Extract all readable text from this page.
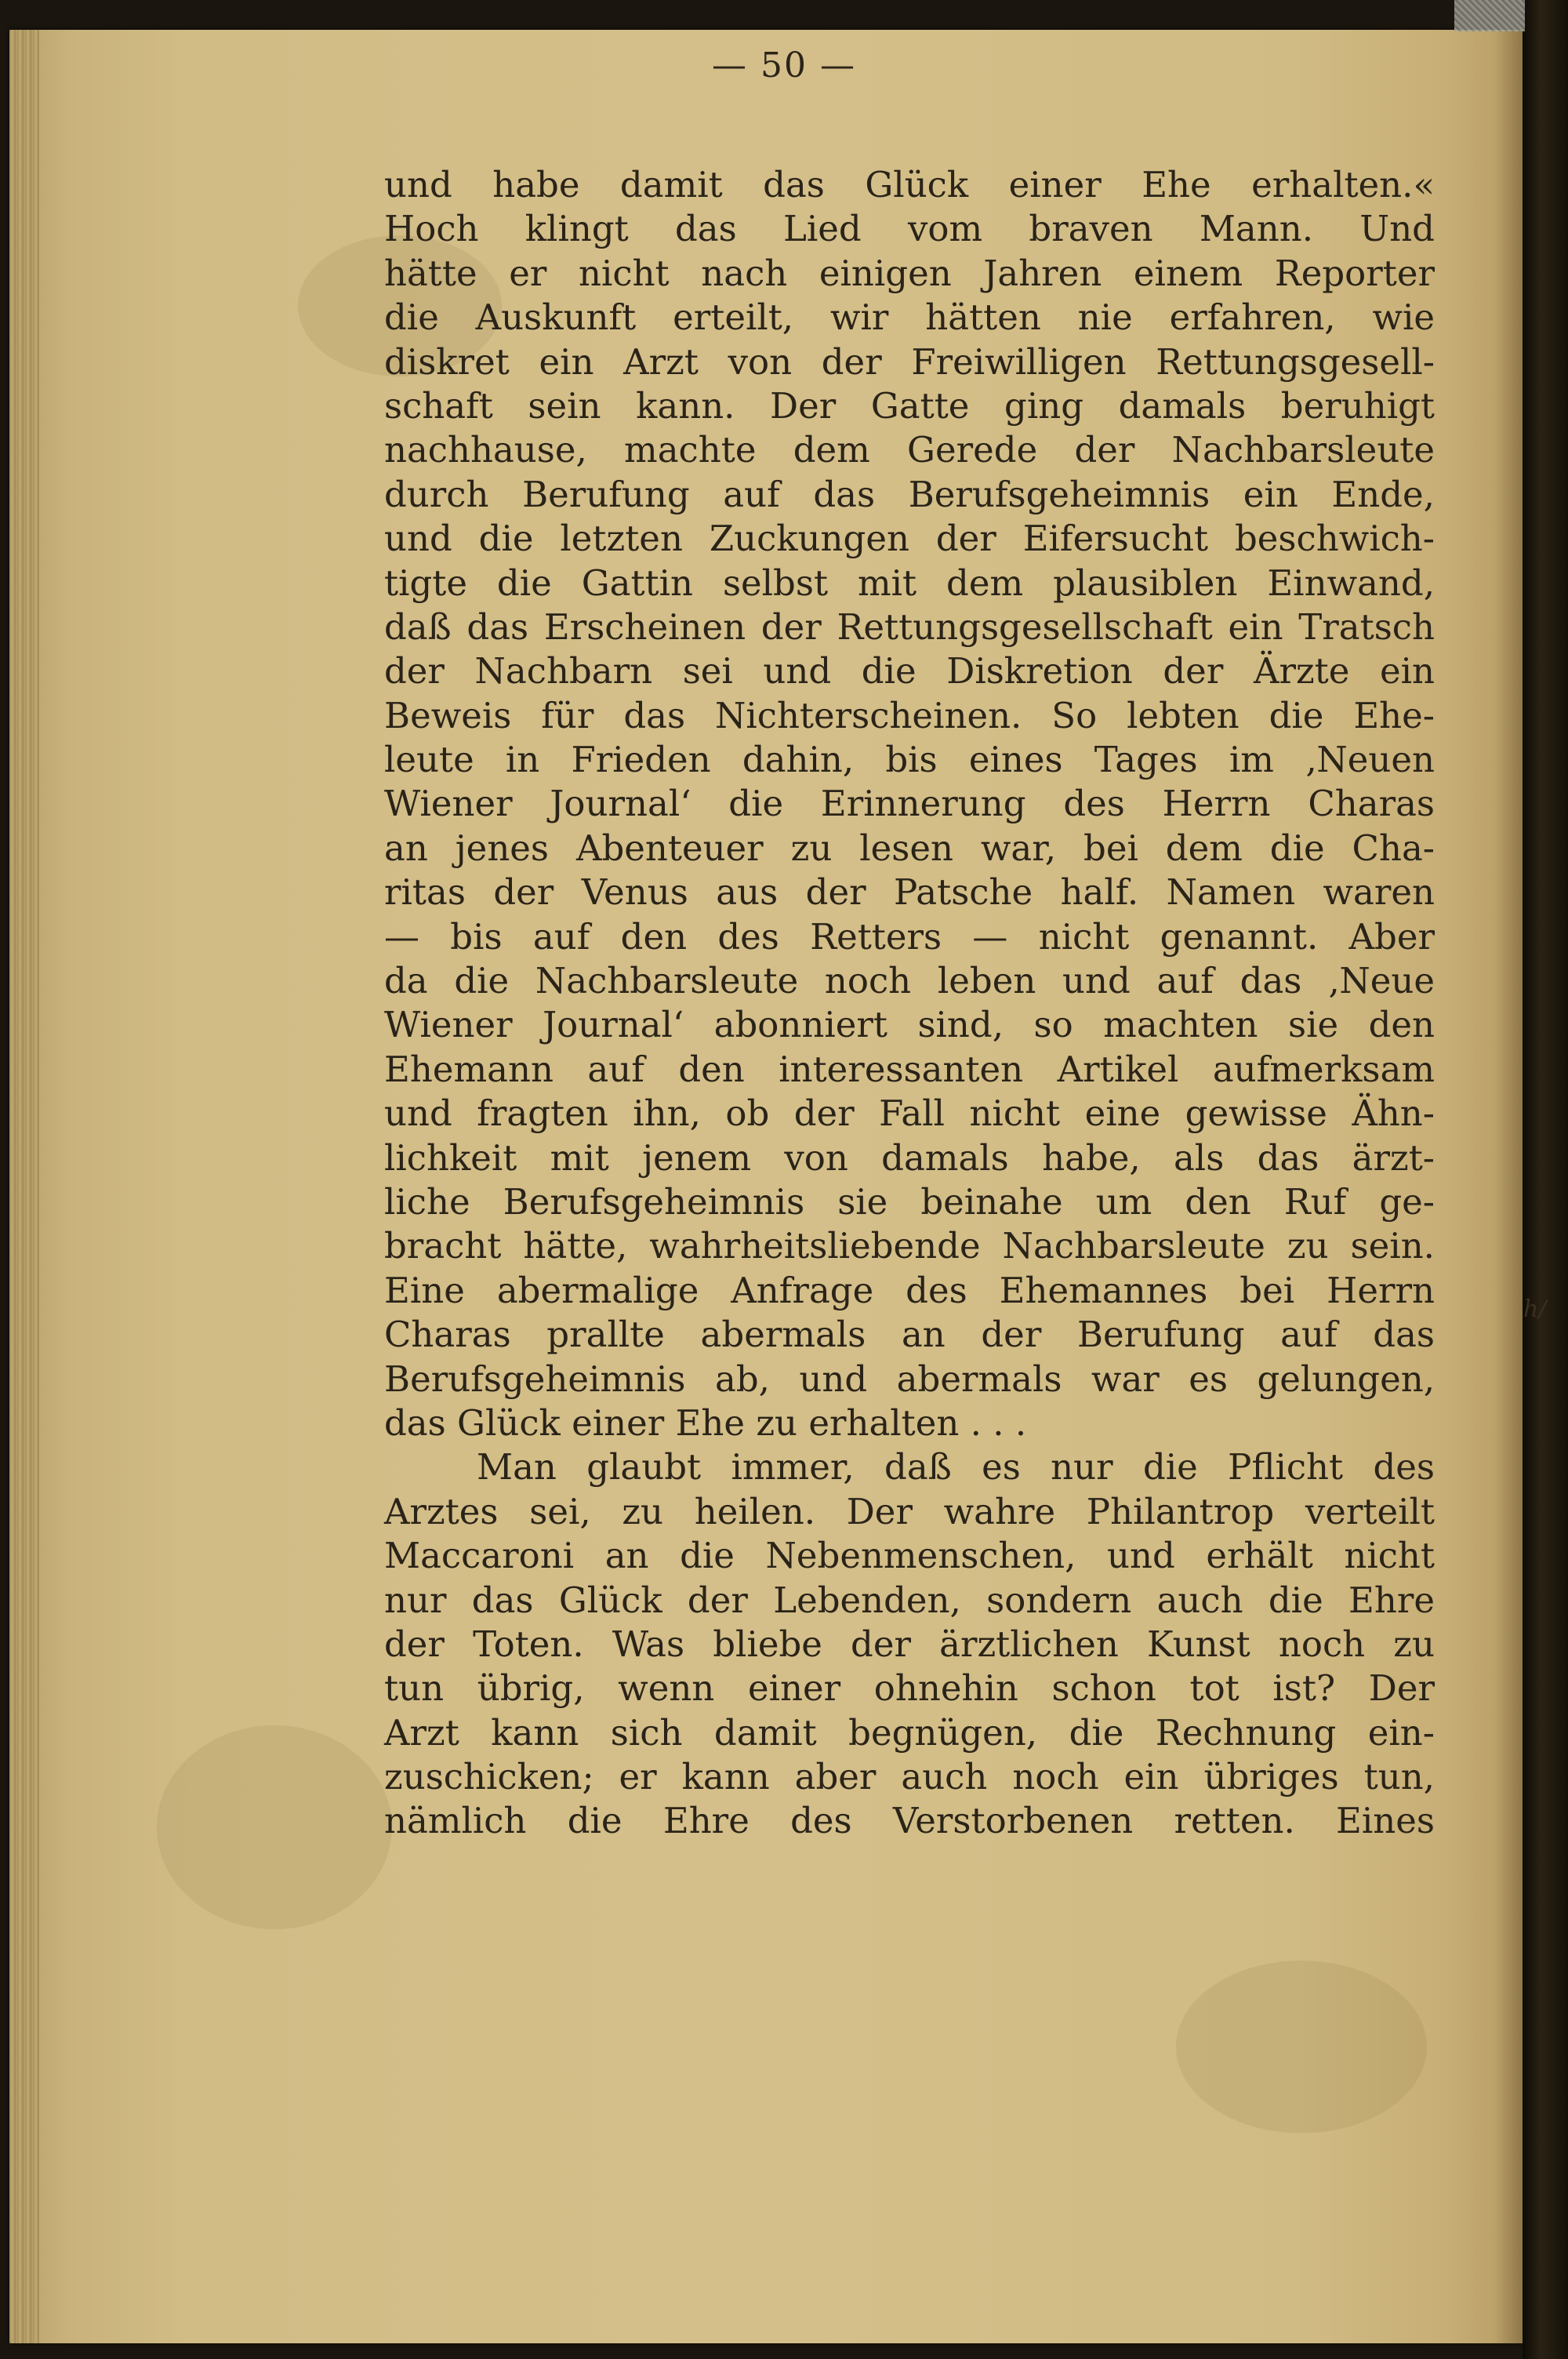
— 50 —
und habe damit das Glück einer Ehe erhalten.«
Hoch klingt das Lied vom braven Mann. Und
hätte er nicht nach einigen Jahren einem Reporter
die Auskunft erteilt, wir hätten nie erfahren, wie
diskret ein Arzt von der Freiwilligen Rettungsgesell-
schaft sein kann. Der Gatte ging damals beruhigt
nachhause, machte dem Gerede der Nachbarsleute
durch Berufung auf das Berufsgeheimnis ein Ende,
und die letzten Zuckungen der Eifersucht beschwich-
tigte die Gattin selbst mit dem plausiblen Einwand,
daß das Erscheinen der Rettungsgesellschaft ein Tratsch
der Nachbarn sei und die Diskretion der Ärzte ein
Beweis für das Nichterscheinen. So lebten die Ehe-
leute in Frieden dahin, bis eines Tages im ‚Neuen
Wiener Journal‘ die Erinnerung des Herrn Charas
an jenes Abenteuer zu lesen war, bei dem die Cha-
ritas der Venus aus der Patsche half. Namen waren
— bis auf den des Retters — nicht genannt. Aber
da die Nachbarsleute noch leben und auf das ‚Neue
Wiener Journal‘ abonniert sind, so machten sie den
Ehemann auf den interessanten Artikel aufmerksam
und fragten ihn, ob der Fall nicht eine gewisse Ähn-
lichkeit mit jenem von damals habe, als das ärzt-
liche Berufsgeheimnis sie beinahe um den Ruf ge-
bracht hätte, wahrheitsliebende Nachbarsleute zu sein.
Eine abermalige Anfrage des Ehemannes bei Herrn
Charas prallte abermals an der Berufung auf das
Berufsgeheimnis ab, und abermals war es gelungen,
das Glück einer Ehe zu erhalten . . .
Man glaubt immer, daß es nur die Pflicht des
Arztes sei, zu heilen. Der wahre Philantrop verteilt
Maccaroni an die Nebenmenschen, und erhält nicht
nur das Glück der Lebenden, sondern auch die Ehre
der Toten. Was bliebe der ärztlichen Kunst noch zu
tun übrig, wenn einer ohnehin schon tot ist? Der
Arzt kann sich damit begnügen, die Rechnung ein-
zuschicken; er kann aber auch noch ein übriges tun,
nämlich die Ehre des Verstorbenen retten. Eines
h/
